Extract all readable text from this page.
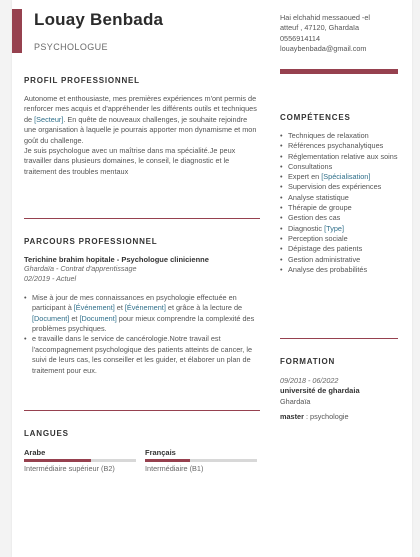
Louay Benbada
PSYCHOLOGUE
PROFIL PROFESSIONNEL
Autonome et enthousiaste, mes premières expériences m'ont permis de renforcer mes acquis et d'appréhender les différents outils et techniques de [Secteur]. En quête de nouveaux challenges, je souhaite rejoindre une organisation à laquelle je pourrais apporter mon dynamisme et mon goût du challenge.
Je suis psychologue avec un maîtrise dans ma spécialité.Je peux travailler dans plusieurs domaines, le conseil, le diagnostic et le traitement des troubles mentaux
PARCOURS PROFESSIONNEL
Terichine brahim hopitale - Psychologue clinicienne
Ghardaïa - Contrat d'apprentissage
02/2019 - Actuel
• Mise à jour de mes connaissances en psychologie effectuée en participant à [Événement] et [Événement] et grâce à la lecture de [Document] et [Document] pour mieux comprendre la complexité des problèmes psychiques.
• e travaille dans le service de cancérologie.Notre travail est l'accompagnement psychologique des patients atteints de cancer, le suivi de leurs cas, les conseiller et les guider, et élaborer un plan de traitement pour eux.
LANGUES
Arabe
Intermédiaire supérieur (B2)
Français
Intermédiaire (B1)
Hai elchahid messaoued -el
atteuf , 47120, Ghardaïa
0556914114
louaybenbada@gmail.com
COMPÉTENCES
• Techniques de relaxation
• Références psychanalytiques
• Réglementation relative aux soins
• Consultations
• Expert en [Spécialisation]
• Supervision des expériences
• Analyse statistique
• Thérapie de groupe
• Gestion des cas
• Diagnostic [Type]
• Perception sociale
• Dépistage des patients
• Gestion administrative
• Analyse des probabilités
FORMATION
09/2018 - 06/2022
université de ghardaia
Ghardaïa
master : psychologie
